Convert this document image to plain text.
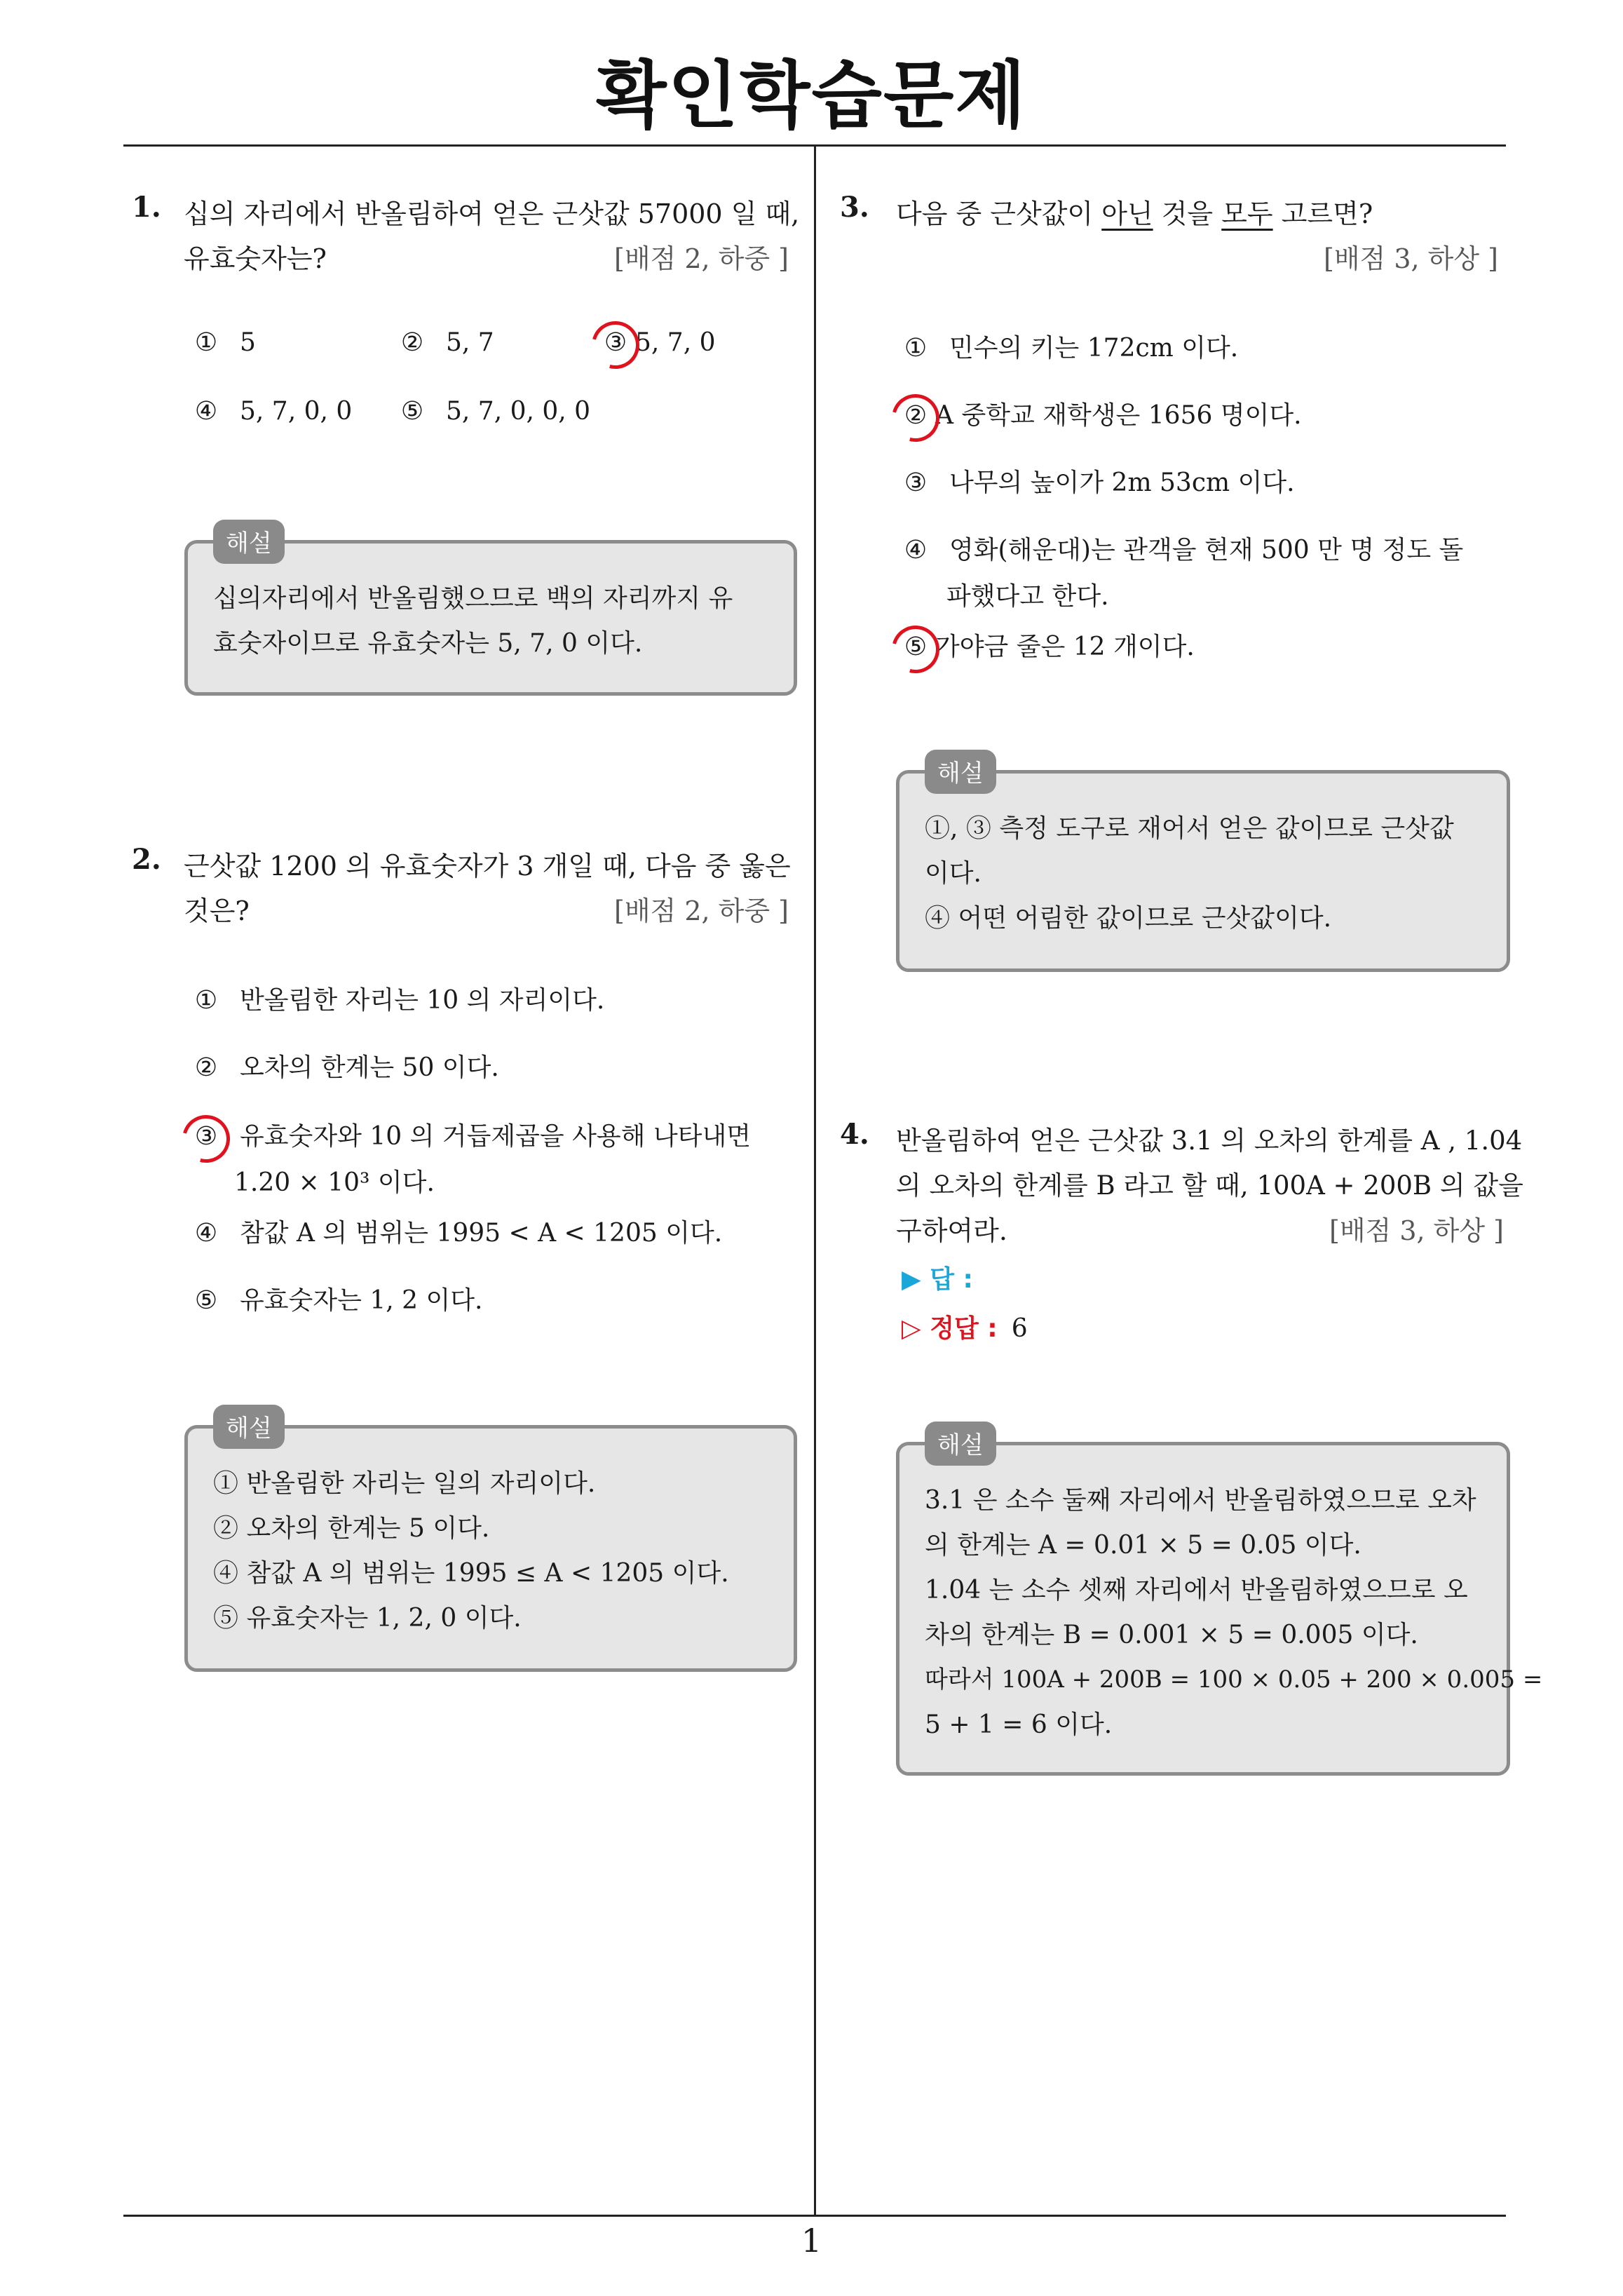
확인학습문제
1
1. 십의 자리에서 반올림하여 얻은 근삿값 57000 일 때,
유효숫자는?	[배점 2, 하중 ]
① 5	② 5, 7	③ 5, 7, 0
④ 5, 7, 0, 0 ⑤ 5, 7, 0, 0, 0
해설
십의자리에서 반올림했으므로 백의 자리까지 유
효숫자이므로 유효숫자는 5, 7, 0 이다.
2. 근삿값 1200 의 유효숫자가 3 개일 때, 다음 중 옳은
것은?	[배점 2, 하중 ]
① 반올림한 자리는 10 의 자리이다.
② 오차의 한계는 50 이다.
③ 유효숫자와 10 의 거듭제곱을 사용해 나타내면
1.20 × 10³ 이다.
④ 참값 A 의 범위는 1995 < A < 1205 이다.
⑤ 유효숫자는 1, 2 이다.
해설
① 반올림한 자리는 일의 자리이다.
② 오차의 한계는 5 이다.
④ 참값 A 의 범위는 1995 ≤ A < 1205 이다.
⑤ 유효숫자는 1, 2, 0 이다.
3. 다음 중 근삿값이 아닌 것을 모두 고르면?
[배점 3, 하상 ]
① 민수의 키는 172cm 이다.
② A 중학교 재학생은 1656 명이다.
③ 나무의 높이가 2m 53cm 이다.
④ 영화(해운대)는 관객을 현재 500 만 명 정도 돌
파했다고 한다.
⑤ 가야금 줄은 12 개이다.
해설
①, ③ 측정 도구로 재어서 얻은 값이므로 근삿값
이다.
④ 어떤 어림한 값이므로 근삿값이다.
4. 반올림하여 얻은 근삿값 3.1 의 오차의 한계를 A , 1.04
의 오차의 한계를 B 라고 할 때, 100A + 200B 의 값을
구하여라.	[배점 3, 하상 ]
▶ 답 :
▷ 정답 : 6
해설
3.1 은 소수 둘째 자리에서 반올림하였으므로 오차
의 한계는 A = 0.01 × 5 = 0.05 이다.
1.04 는 소수 셋째 자리에서 반올림하였으므로 오
차의 한계는 B = 0.001 × 5 = 0.005 이다.
따라서 100A + 200B = 100 × 0.05 + 200 × 0.005 =
5 + 1 = 6 이다.
